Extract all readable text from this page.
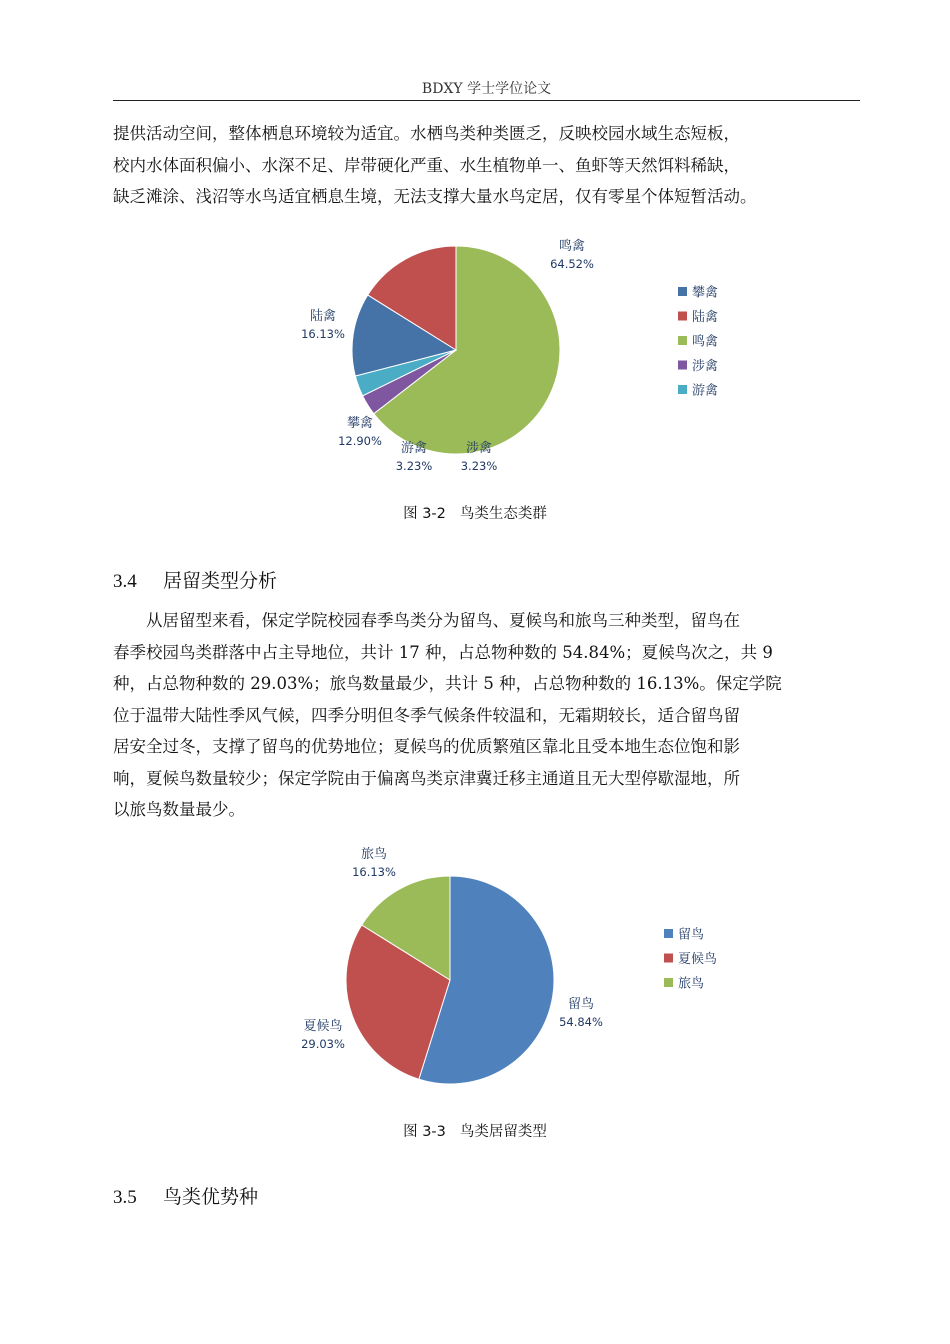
BDXY 学士学位论文
提供活动空间，整体栖息环境较为适宜。水栖鸟类种类匮乏，反映校园水域生态短板，
校内水体面积偏小、水深不足、岸带硬化严重、水生植物单一、鱼虾等天然饵料稀缺，
缺乏滩涂、浅沼等水鸟适宜栖息生境，无法支撑大量水鸟定居，仅有零星个体短暂活动。
攀禽
12.90%
陆禽
16.13%
鸣禽
64.52%
涉禽
3.23%
游禽
3.23%
攀禽
陆禽
鸣禽
涉禽
游禽
图 3-2 鸟类生态类群
3.4 居留类型分析
从居留型来看，保定学院校园春季鸟类分为留鸟、夏候鸟和旅鸟三种类型，留鸟在
春季校园鸟类群落中占主导地位，共计 17 种，占总物种数的 54.84%；夏候鸟次之，共 9
种，占总物种数的 29.03%；旅鸟数量最少，共计 5 种，占总物种数的 16.13%。保定学院
位于温带大陆性季风气候，四季分明但冬季气候条件较温和，无霜期较长，适合留鸟留
居安全过冬，支撑了留鸟的优势地位；夏候鸟的优质繁殖区靠北且受本地生态位饱和影
响，夏候鸟数量较少；保定学院由于偏离鸟类京津冀迁移主通道且无大型停歇湿地，所
以旅鸟数量最少。
留鸟
54.84%
夏候鸟
29.03%
旅鸟
16.13%
留鸟
夏候鸟
旅鸟
图 3-3 鸟类居留类型
3.5 鸟类优势种
